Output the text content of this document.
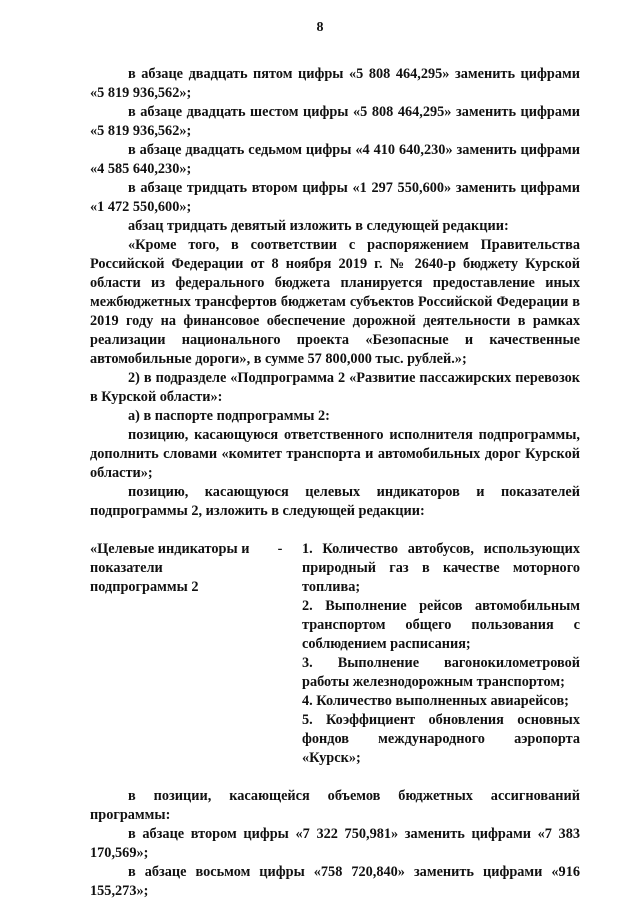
8

в абзаце двадцать пятом цифры «5 808 464,295» заменить цифрами «5 819 936,562»;

в абзаце двадцать шестом цифры «5 808 464,295» заменить цифрами «5 819 936,562»;

в абзаце двадцать седьмом цифры «4 410 640,230» заменить цифрами «4 585 640,230»;

в абзаце тридцать втором цифры «1 297 550,600» заменить цифрами «1 472 550,600»;

абзац тридцать девятый изложить в следующей редакции:

«Кроме того, в соответствии с распоряжением Правительства Российской Федерации от 8 ноября 2019 г. № 2640-р бюджету Курской области из федерального бюджета планируется предоставление иных межбюджетных трансфертов бюджетам субъектов Российской Федерации в 2019 году на финансовое обеспечение дорожной деятельности в рамках реализации национального проекта «Безопасные и качественные автомобильные дороги», в сумме 57 800,000 тыс. рублей.»;

2) в подразделе «Подпрограмма 2 «Развитие пассажирских перевозок в Курской области»:

а) в паспорте подпрограммы 2:

позицию, касающуюся ответственного исполнителя подпрограммы, дополнить словами «комитет транспорта и автомобильных дорог Курской области»;

позицию, касающуюся целевых индикаторов и показателей подпрограммы 2, изложить в следующей редакции:

«Целевые индикаторы и показатели подпрограммы 2
-	1. Количество автобусов, использующих природный газ в качестве моторного топлива;

2. Выполнение рейсов автомобильным транспортом общего пользования с соблюдением расписания;

3. Выполнение вагонокилометровой работы железнодорожным транспортом;

4. Количество выполненных авиарейсов;

5. Коэффициент обновления основных фондов международного аэропорта «Курск»;

в позиции, касающейся объемов бюджетных ассигнований программы:

в абзаце втором цифры «7 322 750,981» заменить цифрами «7 383 170,569»;

в абзаце восьмом цифры «758 720,840» заменить цифрами «916 155,273»;
